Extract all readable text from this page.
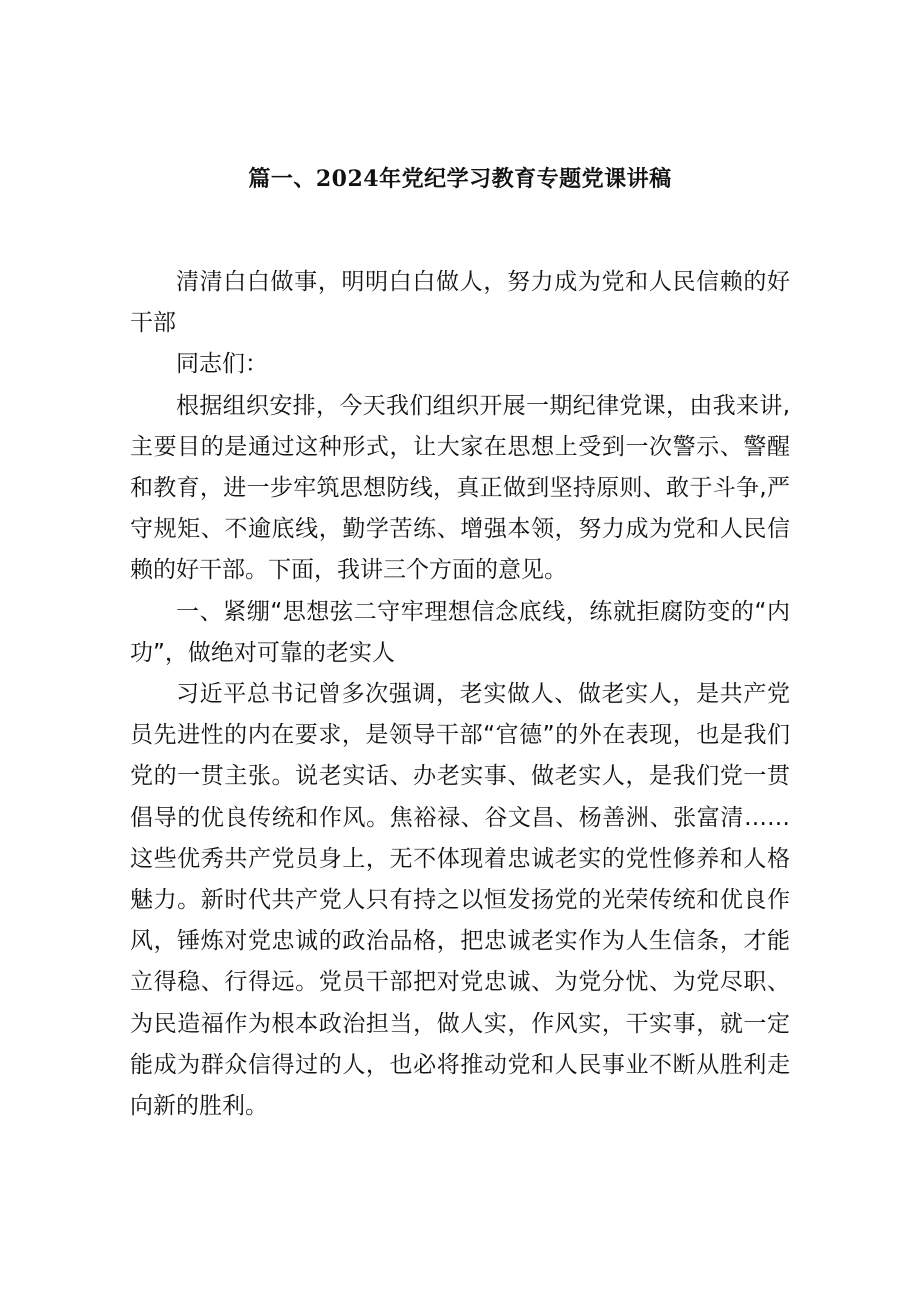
篇一、2024年党纪学习教育专题党课讲稿

清清白白做事，明明白白做人，努力成为党和人民信赖的好干部

同志们：

根据组织安排，今天我们组织开展一期纪律党课，由我来讲,主要目的是通过这种形式，让大家在思想上受到一次警示、警醒和教育，进一步牢筑思想防线，真正做到坚持原则、敢于斗争,严守规矩、不逾底线，勤学苦练、增强本领，努力成为党和人民信赖的好干部。下面，我讲三个方面的意见。

一、紧绷“思想弦二守牢理想信念底线，练就拒腐防变的“内功”，做绝对可靠的老实人

习近平总书记曾多次强调，老实做人、做老实人，是共产党员先进性的内在要求，是领导干部“官德”的外在表现，也是我们党的一贯主张。说老实话、办老实事、做老实人，是我们党一贯倡导的优良传统和作风。焦裕禄、谷文昌、杨善洲、张富清……这些优秀共产党员身上，无不体现着忠诚老实的党性修养和人格魅力。新时代共产党人只有持之以恒发扬党的光荣传统和优良作风，锤炼对党忠诚的政治品格，把忠诚老实作为人生信条，才能立得稳、行得远。党员干部把对党忠诚、为党分忧、为党尽职、为民造福作为根本政治担当，做人实，作风实，干实事，就一定能成为群众信得过的人，也必将推动党和人民事业不断从胜利走向新的胜利。
